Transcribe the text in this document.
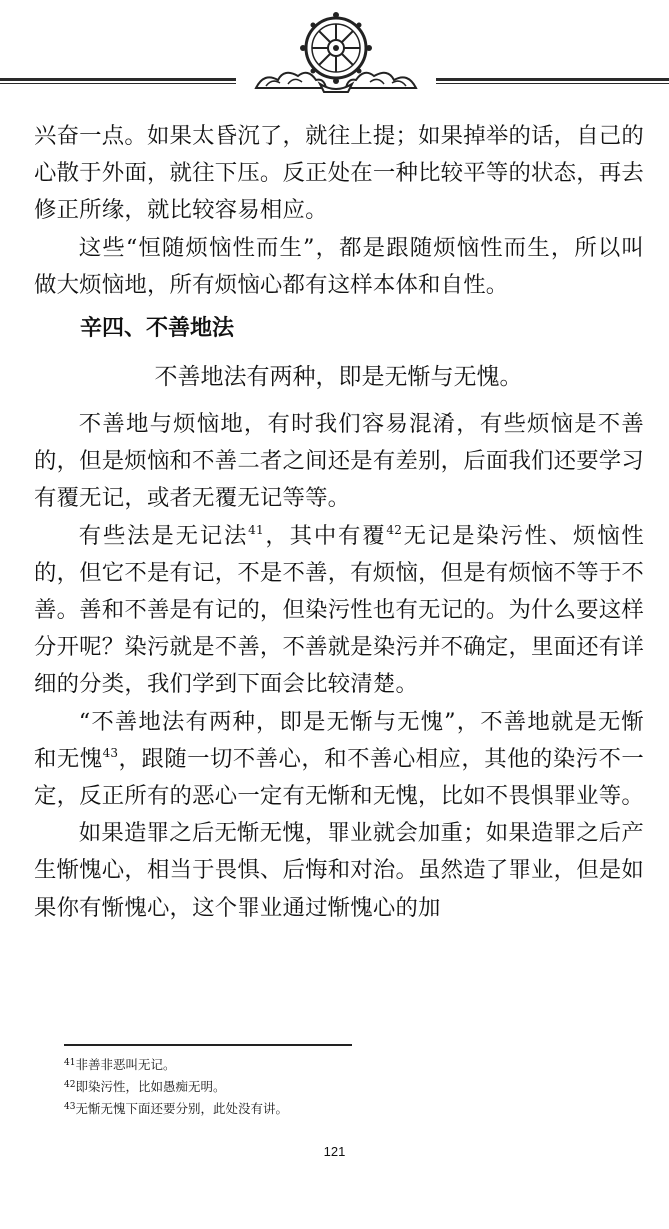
兴奋一点。如果太昏沉了，就往上提；如果掉举的话，自己的心散于外面，就往下压。反正处在一种比较平等的状态，再去修正所缘，就比较容易相应。

这些“恒随烦恼性而生”，都是跟随烦恼性而生，所以叫做大烦恼地，所有烦恼心都有这样本体和自性。

辛四、不善地法
不善地法有两种，即是无惭与无愧。

不善地与烦恼地，有时我们容易混淆，有些烦恼是不善的，但是烦恼和不善二者之间还是有差别，后面我们还要学习有覆无记，或者无覆无记等等。

有些法是无记法$^{41}$，其中有覆$^{42}$无记是染污性、烦恼性的，但它不是有记，不是不善，有烦恼，但是有烦恼不等于不善。善和不善是有记的，但染污性也有无记的。为什么要这样分开呢？染污就是不善，不善就是染污并不确定，里面还有详细的分类，我们学到下面会比较清楚。

“不善地法有两种，即是无惭与无愧”，不善地就是无惭和无愧$^{43}$，跟随一切不善心，和不善心相应，其他的染污不一定，反正所有的恶心一定有无惭和无愧，比如不畏惧罪业等。

如果造罪之后无惭无愧，罪业就会加重；如果造罪之后产生惭愧心，相当于畏惧、后悔和对治。虽然造了罪业，但是如果你有惭愧心，这个罪业通过惭愧心的加

$^{41}$非善非恶叫无记。
$^{42}$即染污性，比如愚痴无明。
$^{43}$无惭无愧下面还要分别，此处没有讲。
121
